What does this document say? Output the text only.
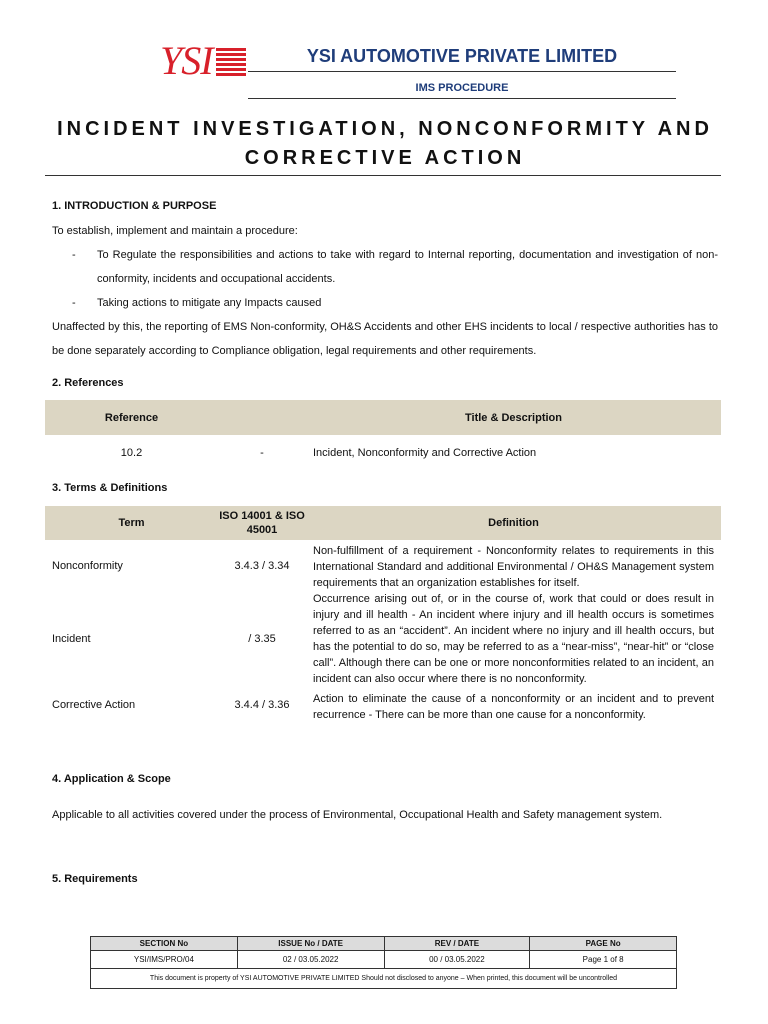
YSI	YSI AUTOMOTIVE PRIVATE LIMITED
IMS PROCEDURE
INCIDENT INVESTIGATION, NONCONFORMITY AND
CORRECTIVE ACTION
1. INTRODUCTION & PURPOSE
To establish, implement and maintain a procedure:
- To Regulate the responsibilities and actions to take with regard to Internal reporting, documentation and investigation of non-conformity, incidents and occupational accidents.
- Taking actions to mitigate any Impacts caused
Unaffected by this, the reporting of EMS Non-conformity, OH&S Accidents and other EHS incidents to local / respective authorities has to be done separately according to Compliance obligation, legal requirements and other requirements.
2. References
Reference		Title & Description
10.2	-	Incident, Nonconformity and Corrective Action
3. Terms & Definitions
Term	ISO 14001 & ISO 45001	Definition
Nonconformity	3.4.3 / 3.34	Non-fulfillment of a requirement - Nonconformity relates to requirements in this International Standard and additional Environmental / OH&S Management system requirements that an organization establishes for itself.
Incident	/ 3.35	Occurrence arising out of, or in the course of, work that could or does result in injury and ill health - An incident where injury and ill health occurs is sometimes referred to as an “accident”. An incident where no injury and ill health occurs, but has the potential to do so, may be referred to as a “near-miss”, “near-hit” or “close call”. Although there can be one or more nonconformities related to an incident, an incident can also occur where there is no nonconformity.
Corrective Action	3.4.4 / 3.36	Action to eliminate the cause of a nonconformity or an incident and to prevent recurrence - There can be more than one cause for a nonconformity.
4. Application & Scope
Applicable to all activities covered under the process of Environmental, Occupational Health and Safety management system.
5. Requirements
SECTION No	ISSUE No / DATE	REV / DATE	PAGE No
YSI/IMS/PRO/04	02 / 03.05.2022	00 / 03.05.2022	Page 1 of 8
This document is property of YSI AUTOMOTIVE PRIVATE LIMITED Should not disclosed to anyone – When printed, this document will be uncontrolled			
